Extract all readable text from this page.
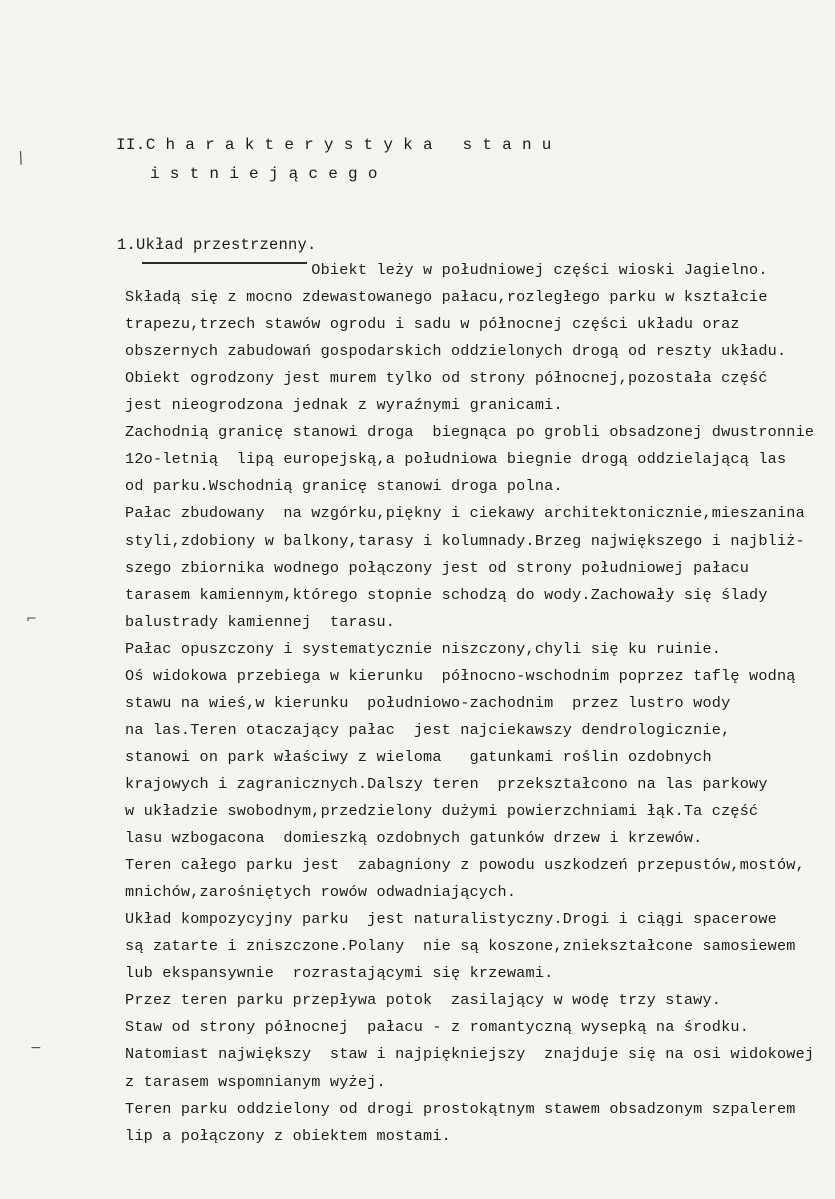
/
⌐
−
II.C h a r a k t e r y s t y k a   s t a n u
i s t n i e j ą c e g o
1.Układ przestrzenny.
Obiekt leży w południowej części wioski Jagielno.
Składą się z mocno zdewastowanego pałacu,rozległego parku w kształcie
trapezu,trzech stawów ogrodu i sadu w północnej części układu oraz
obszernych zabudowań gospodarskich oddzielonych drogą od reszty układu.
Obiekt ogrodzony jest murem tylko od strony północnej,pozostała część
jest nieogrodzona jednak z wyraźnymi granicami.
Zachodnią granicę stanowi droga  biegnąca po grobli obsadzonej dwustronnie
12o-letnią  lipą europejską,a południowa biegnie drogą oddzielającą las
od parku.Wschodnią granicę stanowi droga polna.
Pałac zbudowany  na wzgórku,piękny i ciekawy architektonicznie,mieszanina
styli,zdobiony w balkony,tarasy i kolumnady.Brzeg największego i najbliż-
szego zbiornika wodnego połączony jest od strony południowej pałacu
tarasem kamiennym,którego stopnie schodzą do wody.Zachowały się ślady
balustrady kamiennej  tarasu.
Pałac opuszczony i systematycznie niszczony,chyli się ku ruinie.
Oś widokowa przebiega w kierunku  północno-wschodnim poprzez taflę wodną
stawu na wieś,w kierunku  południowo-zachodnim  przez lustro wody
na las.Teren otaczający pałac  jest najciekawszy dendrologicznie,
stanowi on park właściwy z wieloma   gatunkami roślin ozdobnych
krajowych i zagranicznych.Dalszy teren  przekształcono na las parkowy
w układzie swobodnym,przedzielony dużymi powierzchniami łąk.Ta część
lasu wzbogacona  domieszką ozdobnych gatunków drzew i krzewów.
Teren całego parku jest  zabagniony z powodu uszkodzeń przepustów,mostów,
mnichów,zarośniętych rowów odwadniających.
Układ kompozycyjny parku  jest naturalistyczny.Drogi i ciągi spacerowe
są zatarte i zniszczone.Polany  nie są koszone,zniekształcone samosiewem
lub ekspansywnie  rozrastającymi się krzewami.
Przez teren parku przepływa potok  zasilający w wodę trzy stawy.
Staw od strony północnej  pałacu - z romantyczną wysepką na środku.
Natomiast największy  staw i najpiękniejszy  znajduje się na osi widokowej
z tarasem wspomnianym wyżej.
Teren parku oddzielony od drogi prostokątnym stawem obsadzonym szpalerem
lip a połączony z obiektem mostami.
